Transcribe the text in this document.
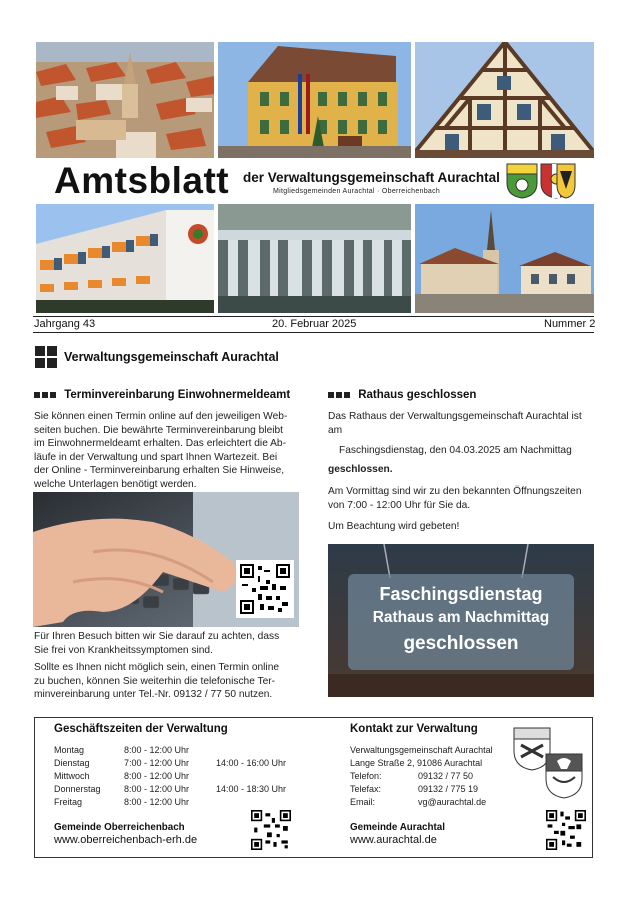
Amtsblatt der Verwaltungsgemeinschaft Aurachtal
Mitgliedsgemeinden Aurachtal · Oberreichenbach
Jahrgang 43	20. Februar 2025	Nummer 2
Verwaltungsgemeinschaft Aurachtal
Terminvereinbarung Einwohnermeldeamt
Sie können einen Termin online auf den jeweiligen Web-
seiten buchen. Die bewährte Terminvereinbarung bleibt
im Einwohnermeldeamt erhalten. Das erleichtert die Ab-
läufe in der Verwaltung und spart Ihnen Wartezeit. Bei
der Online - Terminvereinbarung erhalten Sie Hinweise,
welche Unterlagen benötigt werden.
Für Ihren Besuch bitten wir Sie darauf zu achten, dass
Sie frei von Krankheitssymptomen sind.
Sollte es Ihnen nicht möglich sein, einen Termin online
zu buchen, können Sie weiterhin die telefonische Ter-
minvereinbarung unter Tel.-Nr. 09132 / 77 50 nutzen.
Rathaus geschlossen
Das Rathaus der Verwaltungsgemeinschaft Aurachtal ist
am
Faschingsdienstag, den 04.03.2025 am Nachmittag
geschlossen.
Am Vormittag sind wir zu den bekannten Öffnungszeiten
von 7:00 - 12:00 Uhr für Sie da.
Um Beachtung wird gebeten!
Faschingsdienstag
Rathaus am Nachmittag
geschlossen
Geschäftszeiten der Verwaltung
Montag	8:00 - 12:00 Uhr
Dienstag	7:00 - 12:00 Uhr	14:00 - 16:00 Uhr
Mittwoch	8:00 - 12:00 Uhr
Donnerstag	8:00 - 12:00 Uhr	14:00 - 18:30 Uhr
Freitag	8:00 - 12:00 Uhr
Gemeinde Oberreichenbach
www.oberreichenbach-erh.de
Kontakt zur Verwaltung
Verwaltungsgemeinschaft Aurachtal
Lange Straße 2, 91086 Aurachtal
Telefon:	09132 / 77 50
Telefax:	09132 / 775 19
Email:	vg@aurachtal.de
Gemeinde Aurachtal
www.aurachtal.de
